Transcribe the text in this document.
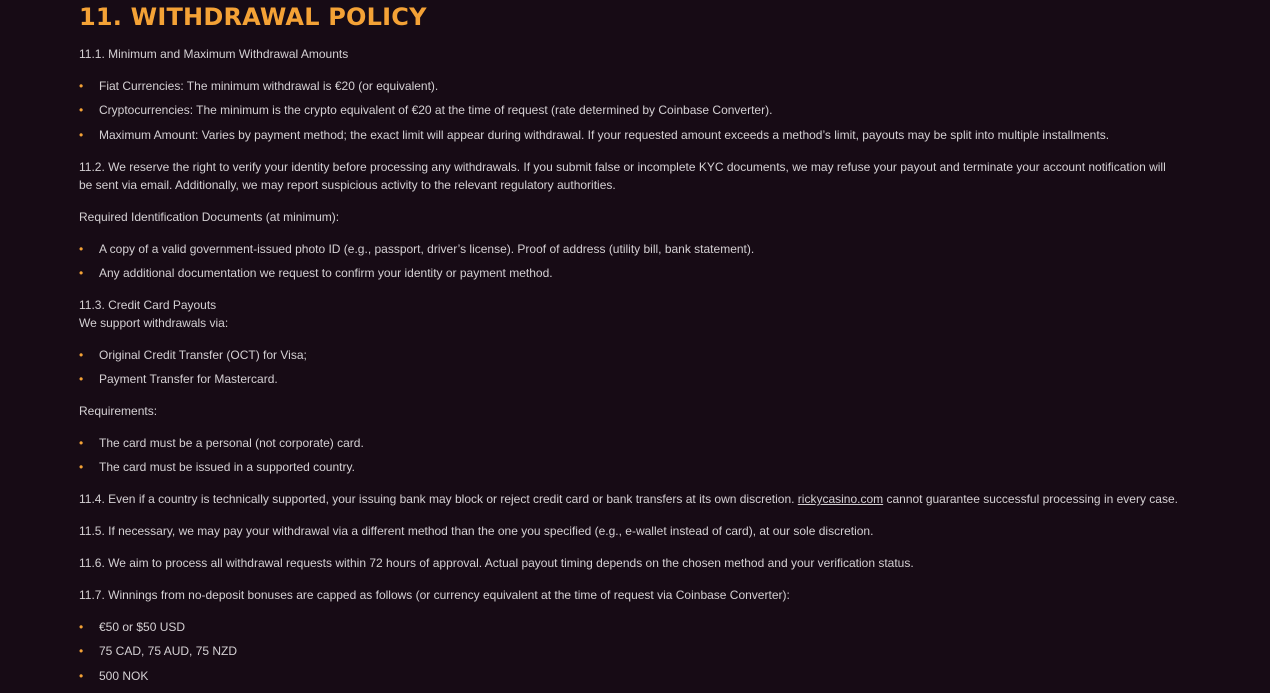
11. WITHDRAWAL POLICY
11.1. Minimum and Maximum Withdrawal Amounts
• Fiat Currencies: The minimum withdrawal is €20 (or equivalent).
• Cryptocurrencies: The minimum is the crypto equivalent of €20 at the time of request (rate determined by Coinbase Converter).
• Maximum Amount: Varies by payment method; the exact limit will appear during withdrawal. If your requested amount exceeds a method’s limit, payouts may be split into multiple installments.
11.2. We reserve the right to verify your identity before processing any withdrawals. If you submit false or incomplete KYC documents, we may refuse your payout and terminate your account notification will be sent via email. Additionally, we may report suspicious activity to the relevant regulatory authorities.
Required Identification Documents (at minimum):
• A copy of a valid government-issued photo ID (e.g., passport, driver’s license). Proof of address (utility bill, bank statement).
• Any additional documentation we request to confirm your identity or payment method.
11.3. Credit Card Payouts
We support withdrawals via:
• Original Credit Transfer (OCT) for Visa;
• Payment Transfer for Mastercard.
Requirements:
• The card must be a personal (not corporate) card.
• The card must be issued in a supported country.
11.4. Even if a country is technically supported, your issuing bank may block or reject credit card or bank transfers at its own discretion. rickycasino.com cannot guarantee successful processing in every case.
11.5. If necessary, we may pay your withdrawal via a different method than the one you specified (e.g., e-wallet instead of card), at our sole discretion.
11.6. We aim to process all withdrawal requests within 72 hours of approval. Actual payout timing depends on the chosen method and your verification status.
11.7. Winnings from no-deposit bonuses are capped as follows (or currency equivalent at the time of request via Coinbase Converter):
• €50 or $50 USD
• 75 CAD, 75 AUD, 75 NZD
• 500 NOK
